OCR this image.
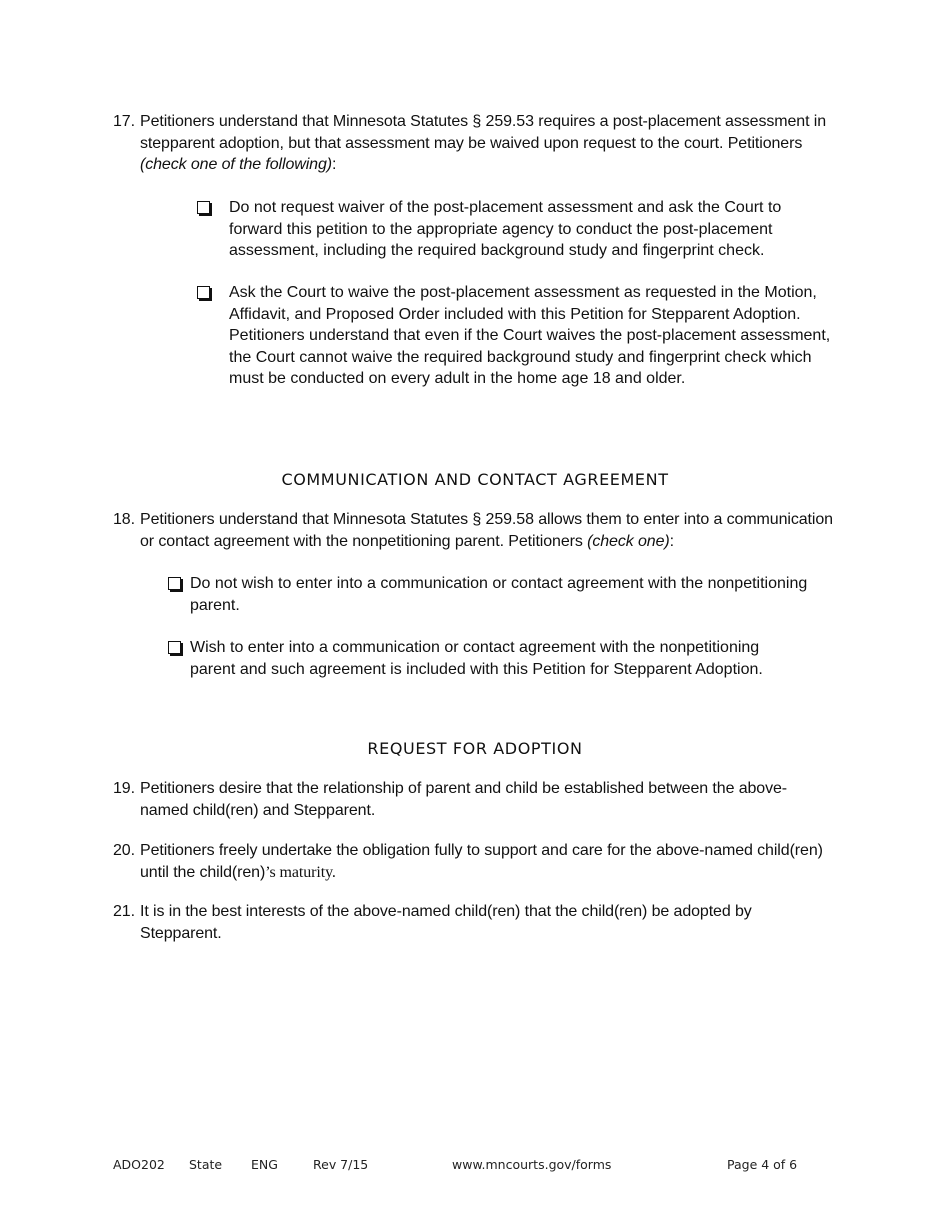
17. Petitioners understand that Minnesota Statutes § 259.53 requires a post-placement assessment in stepparent adoption, but that assessment may be waived upon request to the court. Petitioners (check one of the following):
Do not request waiver of the post-placement assessment and ask the Court to forward this petition to the appropriate agency to conduct the post-placement assessment, including the required background study and fingerprint check.
Ask the Court to waive the post-placement assessment as requested in the Motion, Affidavit, and Proposed Order included with this Petition for Stepparent Adoption. Petitioners understand that even if the Court waives the post-placement assessment, the Court cannot waive the required background study and fingerprint check which must be conducted on every adult in the home age 18 and older.
COMMUNICATION AND CONTACT AGREEMENT
18. Petitioners understand that Minnesota Statutes § 259.58 allows them to enter into a communication or contact agreement with the nonpetitioning parent. Petitioners (check one):
Do not wish to enter into a communication or contact agreement with the nonpetitioning parent.
Wish to enter into a communication or contact agreement with the nonpetitioning parent and such agreement is included with this Petition for Stepparent Adoption.
REQUEST FOR ADOPTION
19. Petitioners desire that the relationship of parent and child be established between the above-named child(ren) and Stepparent.
20. Petitioners freely undertake the obligation fully to support and care for the above-named child(ren) until the child(ren)’s maturity.
21. It is in the best interests of the above-named child(ren) that the child(ren) be adopted by Stepparent.
ADO202 State ENG	Rev 7/15	www.mncourts.gov/forms	Page 4 of 6
